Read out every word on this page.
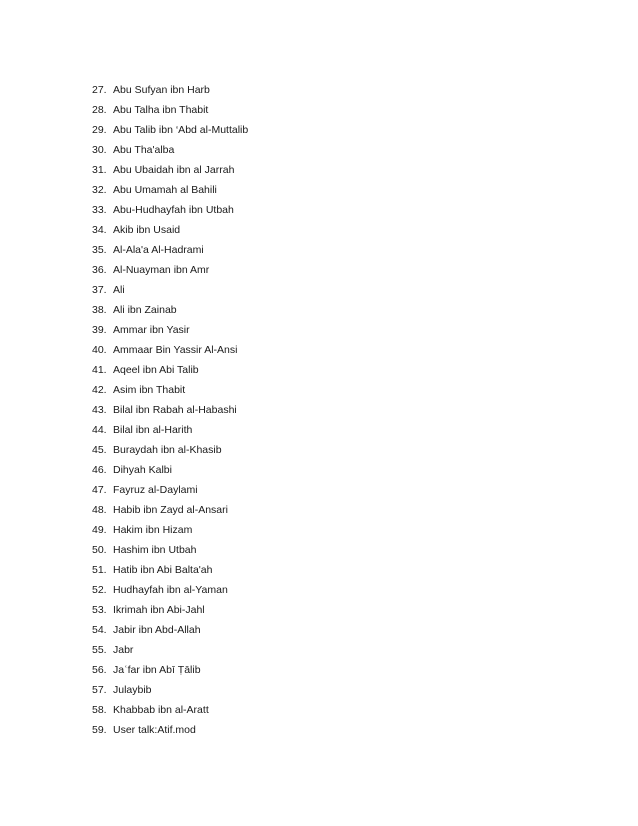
27. Abu Sufyan ibn Harb
28. Abu Talha ibn Thabit
29. Abu Talib ibn ‘Abd al-Muttalib
30. Abu Tha'alba
31. Abu Ubaidah ibn al Jarrah
32. Abu Umamah al Bahili
33. Abu-Hudhayfah ibn Utbah
34. Akib ibn Usaid
35. Al-Ala'a Al-Hadrami
36. Al-Nuayman ibn Amr
37. Ali
38. Ali ibn Zainab
39. Ammar ibn Yasir
40. Ammaar Bin Yassir Al-Ansi
41. Aqeel ibn Abi Talib
42. Asim ibn Thabit
43. Bilal ibn Rabah al-Habashi
44. Bilal ibn al-Harith
45. Buraydah ibn al-Khasib
46. Dihyah Kalbi
47. Fayruz al-Daylami
48. Habib ibn Zayd al-Ansari
49. Hakim ibn Hizam
50. Hashim ibn Utbah
51. Hatib ibn Abi Balta'ah
52. Hudhayfah ibn al-Yaman
53. Ikrimah ibn Abi-Jahl
54. Jabir ibn Abd-Allah
55. Jabr
56. Jaʿfar ibn Abī Ṭālib
57. Julaybib
58. Khabbab ibn al-Aratt
59. User talk:Atif.mod
